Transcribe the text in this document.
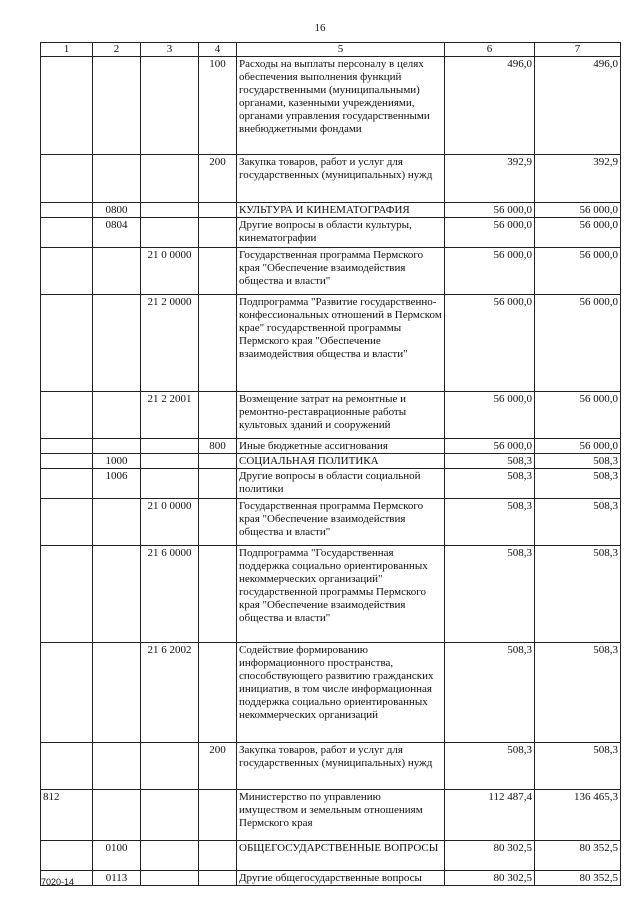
16
1	2	3	4	5	6	7
			100	Расходы на выплаты персоналу в целях обеспечения выполнения функций государственными (муниципальными) органами, казенными учреждениями, органами управления государственными внебюджетными фондами	496,0	496,0
			200	Закупка товаров, работ и услуг для государственных (муниципальных) нужд	392,9	392,9
	0800			КУЛЬТУРА И КИНЕМАТОГРАФИЯ	56 000,0	56 000,0
	0804			Другие вопросы в области культуры, кинематографии	56 000,0	56 000,0
		21 0 0000		Государственная программа Пермского края "Обеспечение взаимодействия общества и власти"	56 000,0	56 000,0
		21 2 0000		Подпрограмма "Развитие государственно-конфессиональных отношений в Пермском крае" государственной программы Пермского края "Обеспечение взаимодействия общества и власти"	56 000,0	56 000,0
		21 2 2001		Возмещение затрат на ремонтные и ремонтно-реставрационные работы культовых зданий и сооружений	56 000,0	56 000,0
			800	Иные бюджетные ассигнования	56 000,0	56 000,0
	1000			СОЦИАЛЬНАЯ ПОЛИТИКА	508,3	508,3
	1006			Другие вопросы в области социальной политики	508,3	508,3
		21 0 0000		Государственная программа Пермского края "Обеспечение взаимодействия общества и власти"	508,3	508,3
		21 6 0000		Подпрограмма "Государственная поддержка социально ориентированных некоммерческих организаций" государственной программы Пермского края "Обеспечение взаимодействия общества и власти"	508,3	508,3
		21 6 2002		Содействие формированию информационного пространства, способствующего развитию гражданских инициатив, в том числе информационная поддержка социально ориентированных некоммерческих организаций	508,3	508,3
			200	Закупка товаров, работ и услуг для государственных (муниципальных) нужд	508,3	508,3
812				Министерство по управлению имуществом и земельным отношениям Пермского края	112 487,4	136 465,3
	0100			ОБЩЕГОСУДАРСТВЕННЫЕ ВОПРОСЫ	80 302,5	80 352,5
	0113			Другие общегосударственные вопросы	80 302,5	80 352,5
7020-14
